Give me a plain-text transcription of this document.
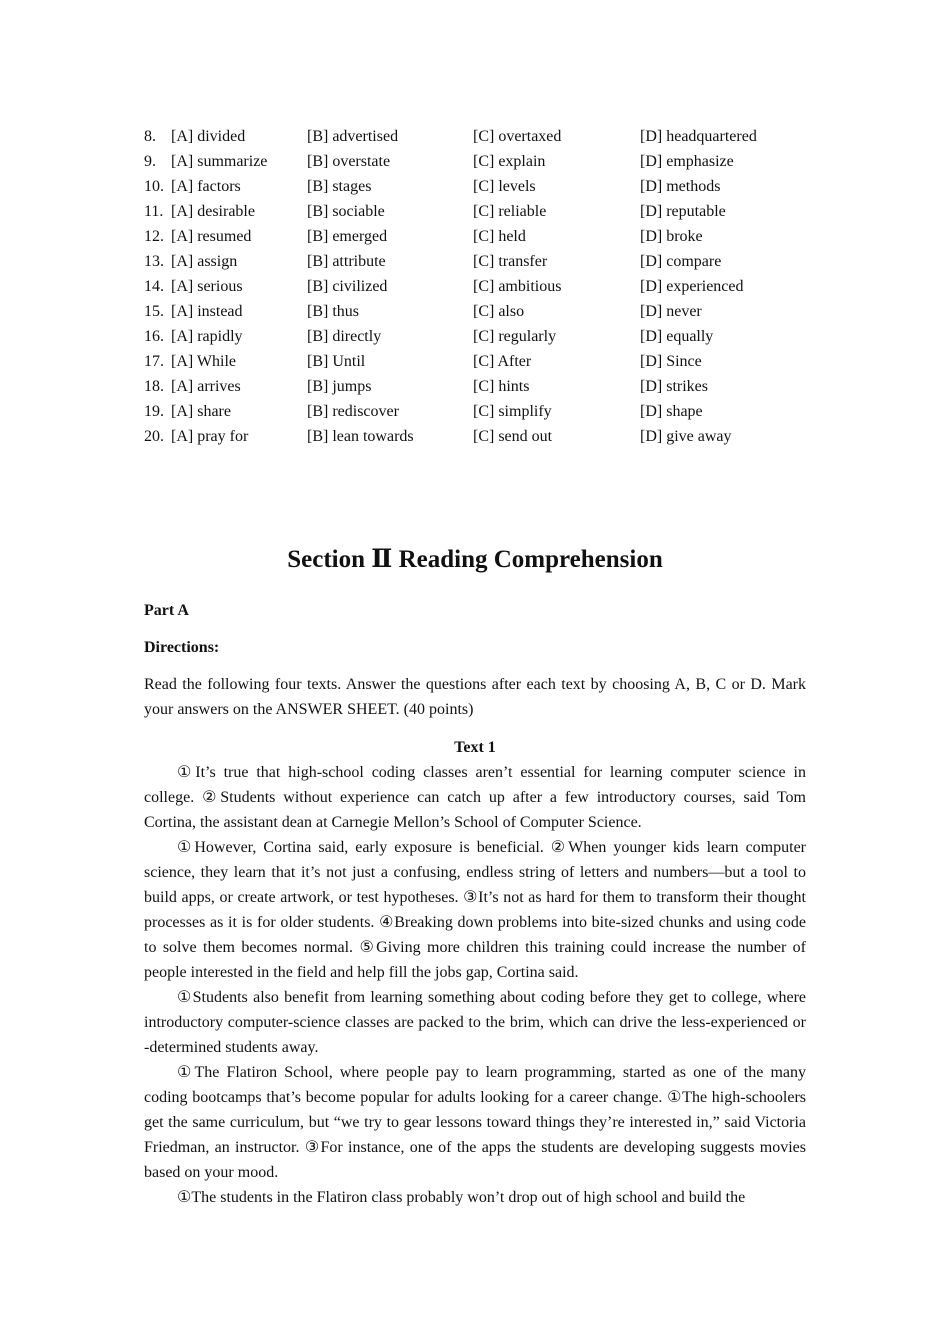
8. [A] divided	[B] advertised	[C] overtaxed	[D] headquartered
9. [A] summarize	[B] overstate	[C] explain	[D] emphasize
10. [A] factors	[B] stages	[C] levels	[D] methods
11. [A] desirable	[B] sociable	[C] reliable	[D] reputable
12. [A] resumed	[B] emerged	[C] held	[D] broke
13. [A] assign	[B] attribute	[C] transfer	[D] compare
14. [A] serious	[B] civilized	[C] ambitious	[D] experienced
15. [A] instead	[B] thus	[C] also	[D] never
16. [A] rapidly	[B] directly	[C] regularly	[D] equally
17. [A] While	[B] Until	[C] After	[D] Since
18. [A] arrives	[B] jumps	[C] hints	[D] strikes
19. [A] share	[B] rediscover	[C] simplify	[D] shape
20. [A] pray for	[B] lean towards	[C] send out	[D] give away
Section Ⅱ Reading Comprehension
Part A
Directions:
Read the following four texts. Answer the questions after each text by choosing A, B, C or D. Mark your answers on the ANSWER SHEET. (40 points)
Text 1

①It’s true that high-school coding classes aren’t essential for learning computer science in college. ②Students without experience can catch up after a few introductory courses, said Tom Cortina, the assistant dean at Carnegie Mellon’s School of Computer Science.

①However, Cortina said, early exposure is beneficial. ②When younger kids learn computer science, they learn that it’s not just a confusing, endless string of letters and numbers—but a tool to build apps, or create artwork, or test hypotheses. ③It’s not as hard for them to transform their thought processes as it is for older students. ④Breaking down problems into bite-sized chunks and using code to solve them becomes normal. ⑤Giving more children this training could increase the number of people interested in the field and help fill the jobs gap, Cortina said.

①Students also benefit from learning something about coding before they get to college, where introductory computer-science classes are packed to the brim, which can drive the less-experienced or -determined students away.

①The Flatiron School, where people pay to learn programming, started as one of the many coding bootcamps that’s become popular for adults looking for a career change. ①The high-schoolers get the same curriculum, but “we try to gear lessons toward things they’re interested in,” said Victoria Friedman, an instructor. ③For instance, one of the apps the students are developing suggests movies based on your mood.

①The students in the Flatiron class probably won’t drop out of high school and build the
